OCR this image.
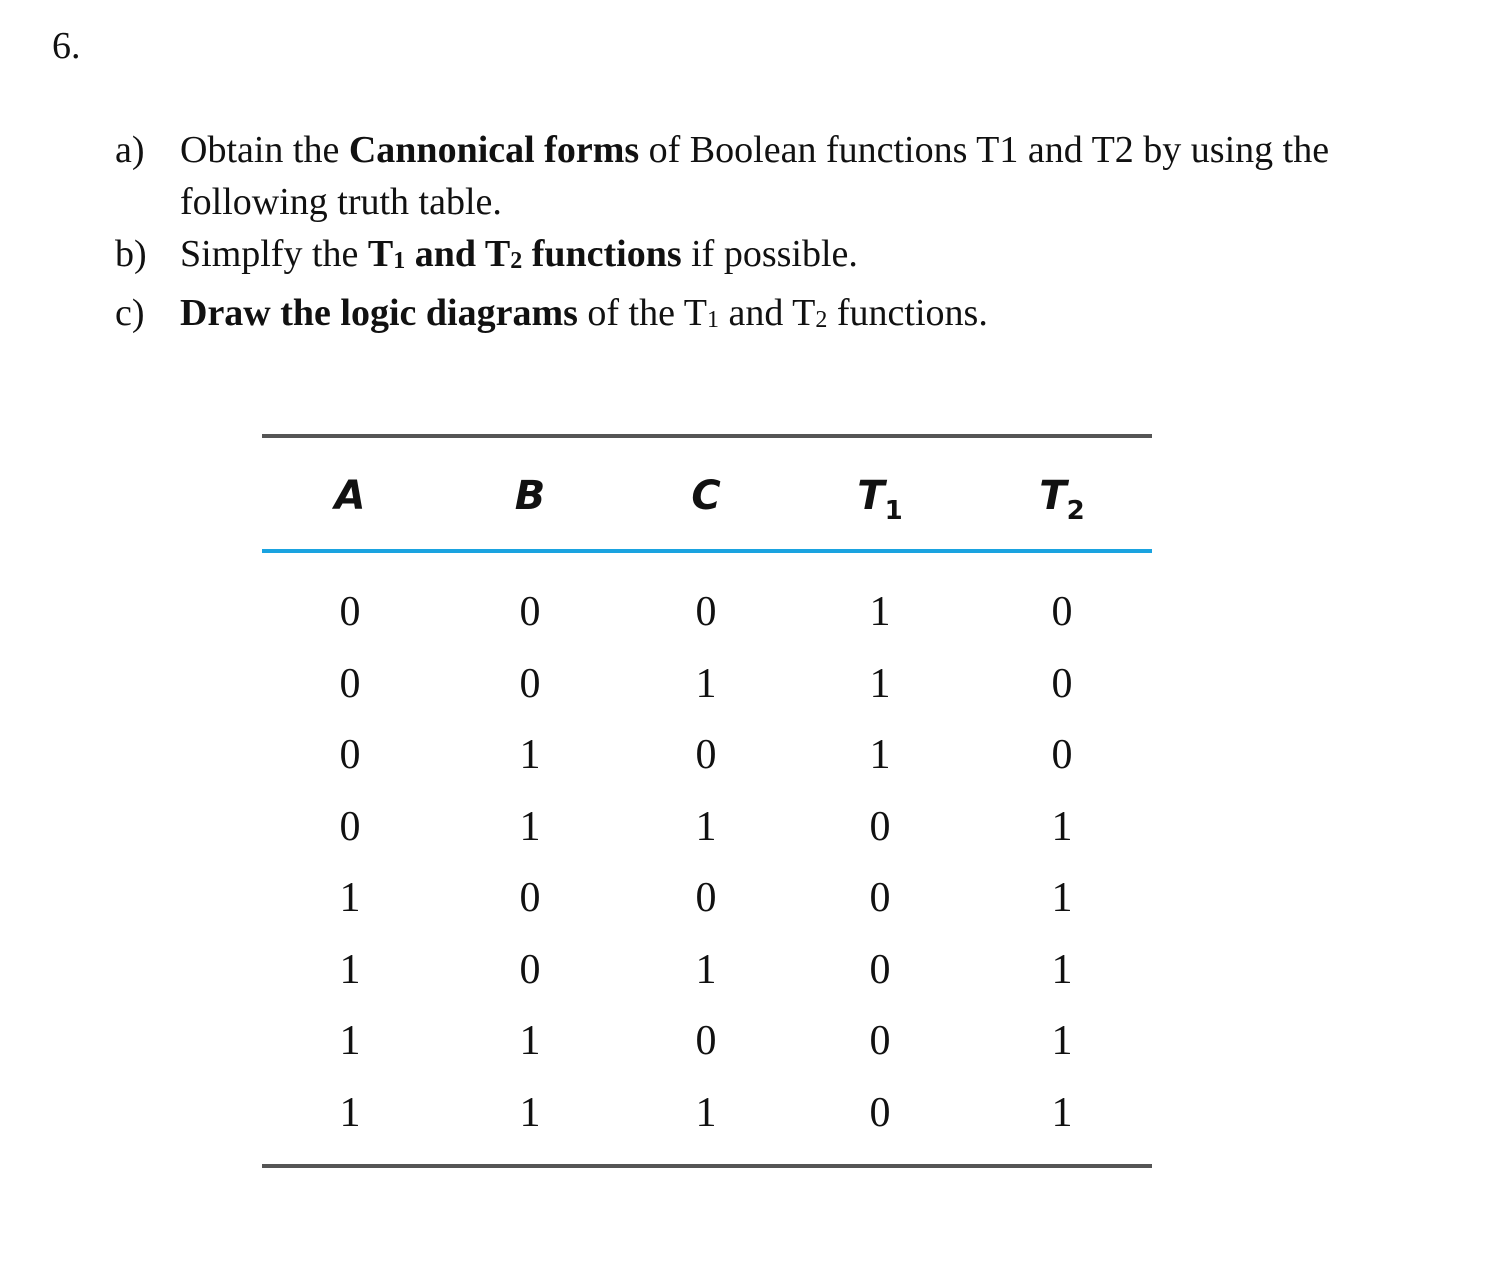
6.
a) Obtain the Cannonical forms of Boolean functions T1 and T2 by using the following truth table.
b) Simplfy the T1 and T2 functions if possible.
c) Draw the logic diagrams of the T1 and T2 functions.
A	B	C	$T_1$	$T_2$
0	0	0	1	0
0	0	1	1	0
0	1	0	1	0
0	1	1	0	1
1	0	0	0	1
1	0	1	0	1
1	1	0	0	1
1	1	1	0	1
